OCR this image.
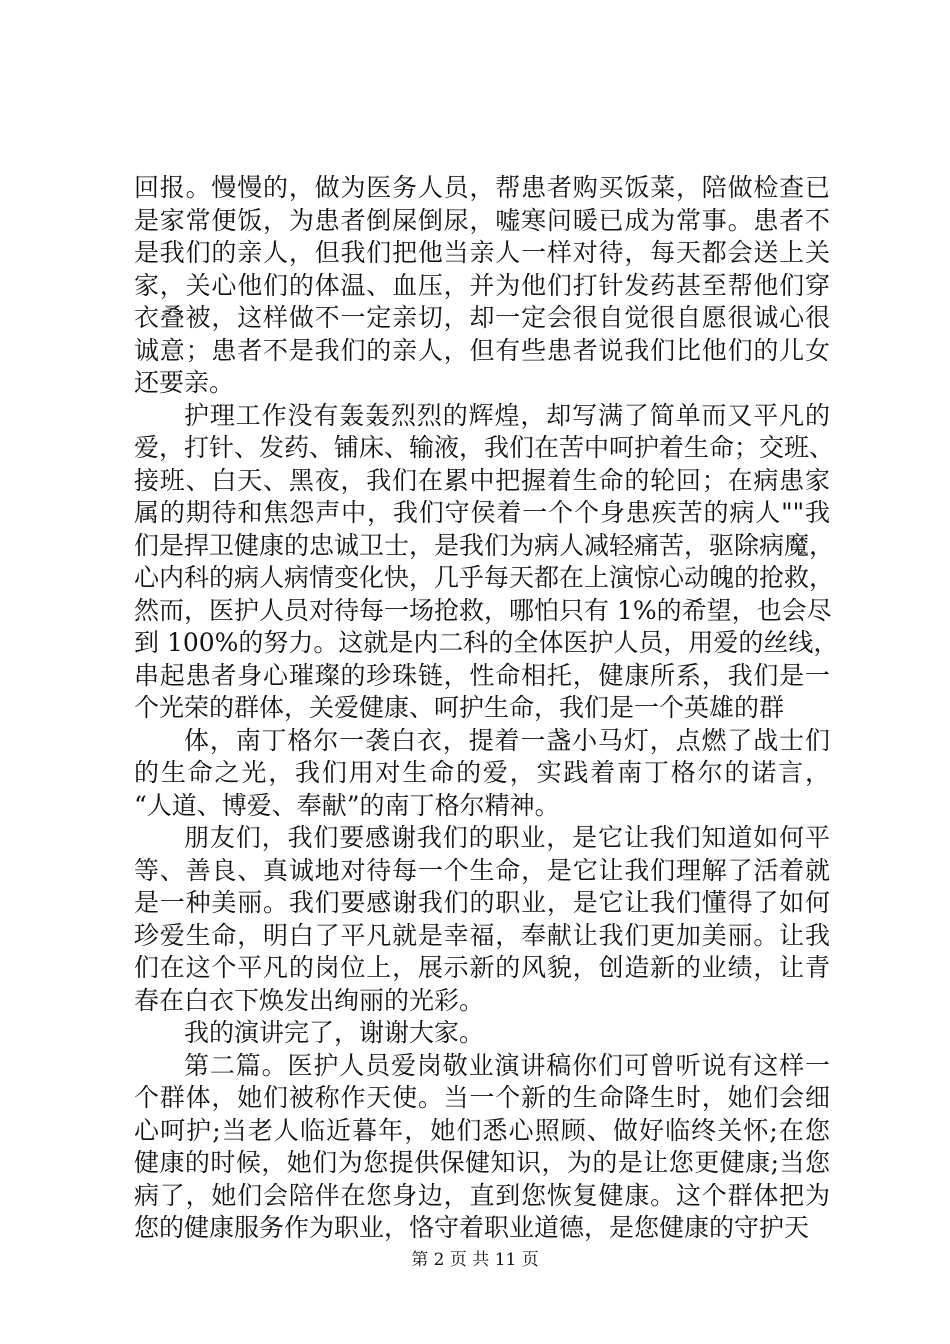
回报。慢慢的，做为医务人员，帮患者购买饭菜，陪做检查已
是家常便饭，为患者倒屎倒尿，嘘寒问暖已成为常事。患者不
是我们的亲人，但我们把他当亲人一样对待，每天都会送上关
家，关心他们的体温、血压，并为他们打针发药甚至帮他们穿
衣叠被，这样做不一定亲切，却一定会很自觉很自愿很诚心很
诚意；患者不是我们的亲人，但有些患者说我们比他们的儿女
还要亲。
护理工作没有轰轰烈烈的辉煌，却写满了简单而又平凡的
爱，打针、发药、铺床、输液，我们在苦中呵护着生命；交班、
接班、白天、黑夜，我们在累中把握着生命的轮回；在病患家
属的期待和焦怨声中，我们守侯着一个个身患疾苦的病人""我
们是捍卫健康的忠诚卫士，是我们为病人减轻痛苦，驱除病魔，
心内科的病人病情变化快，几乎每天都在上演惊心动魄的抢救，
然而，医护人员对待每一场抢救，哪怕只有 1%的希望，也会尽
到 100%的努力。这就是内二科的全体医护人员，用爱的丝线，
串起患者身心璀璨的珍珠链，性命相托，健康所系，我们是一
个光荣的群体，关爱健康、呵护生命，我们是一个英雄的群
体，南丁格尔一袭白衣，提着一盏小马灯，点燃了战士们
的生命之光，我们用对生命的爱，实践着南丁格尔的诺言，
“人道、博爱、奉献”的南丁格尔精神。
朋友们，我们要感谢我们的职业，是它让我们知道如何平
等、善良、真诚地对待每一个生命，是它让我们理解了活着就
是一种美丽。我们要感谢我们的职业，是它让我们懂得了如何
珍爱生命，明白了平凡就是幸福，奉献让我们更加美丽。让我
们在这个平凡的岗位上，展示新的风貌，创造新的业绩，让青
春在白衣下焕发出绚丽的光彩。
我的演讲完了，谢谢大家。
第二篇。医护人员爱岗敬业演讲稿你们可曾听说有这样一
个群体，她们被称作天使。当一个新的生命降生时，她们会细
心呵护;当老人临近暮年，她们悉心照顾、做好临终关怀;在您
健康的时候，她们为您提供保健知识，为的是让您更健康;当您
病了，她们会陪伴在您身边，直到您恢复健康。这个群体把为
您的健康服务作为职业，恪守着职业道德，是您健康的守护天
第 2 页 共 11 页
